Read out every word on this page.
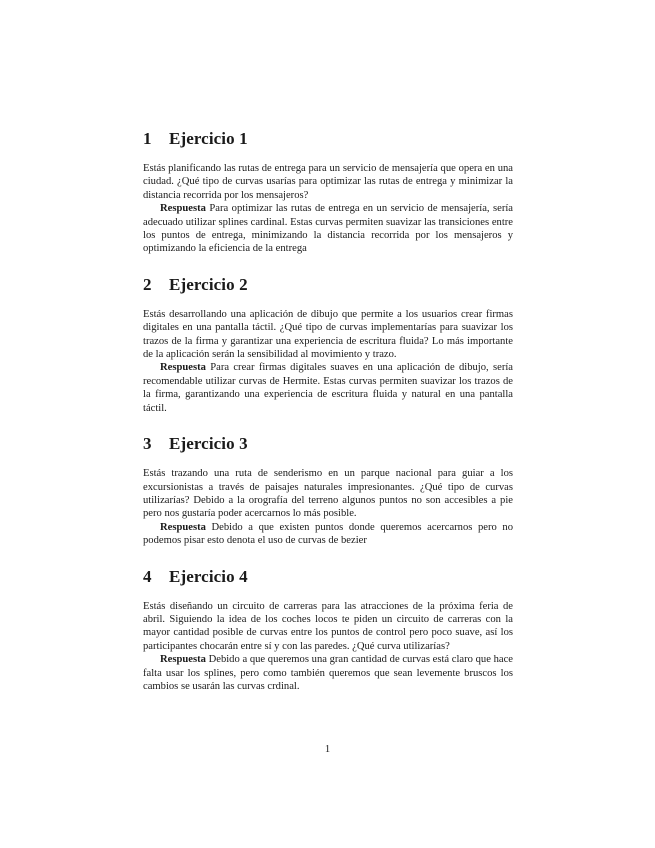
1	Ejercicio 1

Estás planificando las rutas de entrega para un servicio de mensajería que opera en una ciudad. ¿Qué tipo de curvas usarías para optimizar las rutas de entrega y minimizar la distancia recorrida por los mensajeros?

Respuesta Para optimizar las rutas de entrega en un servicio de mensajería, sería adecuado utilizar splines cardinal. Estas curvas permiten suavizar las transiciones entre los puntos de entrega, minimizando la distancia recorrida por los mensajeros y optimizando la eficiencia de la entrega

2	Ejercicio 2

Estás desarrollando una aplicación de dibujo que permite a los usuarios crear firmas digitales en una pantalla táctil. ¿Qué tipo de curvas implementarías para suavizar los trazos de la firma y garantizar una experiencia de escritura fluida? Lo más importante de la aplicación serán la sensibilidad al movimiento y trazo.

Respuesta Para crear firmas digitales suaves en una aplicación de dibujo, sería recomendable utilizar curvas de Hermite. Estas curvas permiten suavizar los trazos de la firma, garantizando una experiencia de escritura fluida y natural en una pantalla táctil.

3	Ejercicio 3

Estás trazando una ruta de senderismo en un parque nacional para guiar a los excursionistas a través de paisajes naturales impresionantes. ¿Qué tipo de curvas utilizarías? Debido a la orografía del terreno algunos puntos no son accesibles a pie pero nos gustaría poder acercarnos lo más posible.

Respuesta Debido a que existen puntos donde queremos acercarnos pero no podemos pisar esto denota el uso de curvas de bezier

4	Ejercicio 4

Estás diseñando un circuito de carreras para las atracciones de la próxima feria de abril. Siguiendo la idea de los coches locos te piden un circuito de carreras con la mayor cantidad posible de curvas entre los puntos de control pero poco suave, así los participantes chocarán entre sí y con las paredes. ¿Qué curva utilizarías?

Respuesta Debido a que queremos una gran cantidad de curvas está claro que hace falta usar los splines, pero como también queremos que sean levemente bruscos los cambios se usarán las curvas crdinal.

1
